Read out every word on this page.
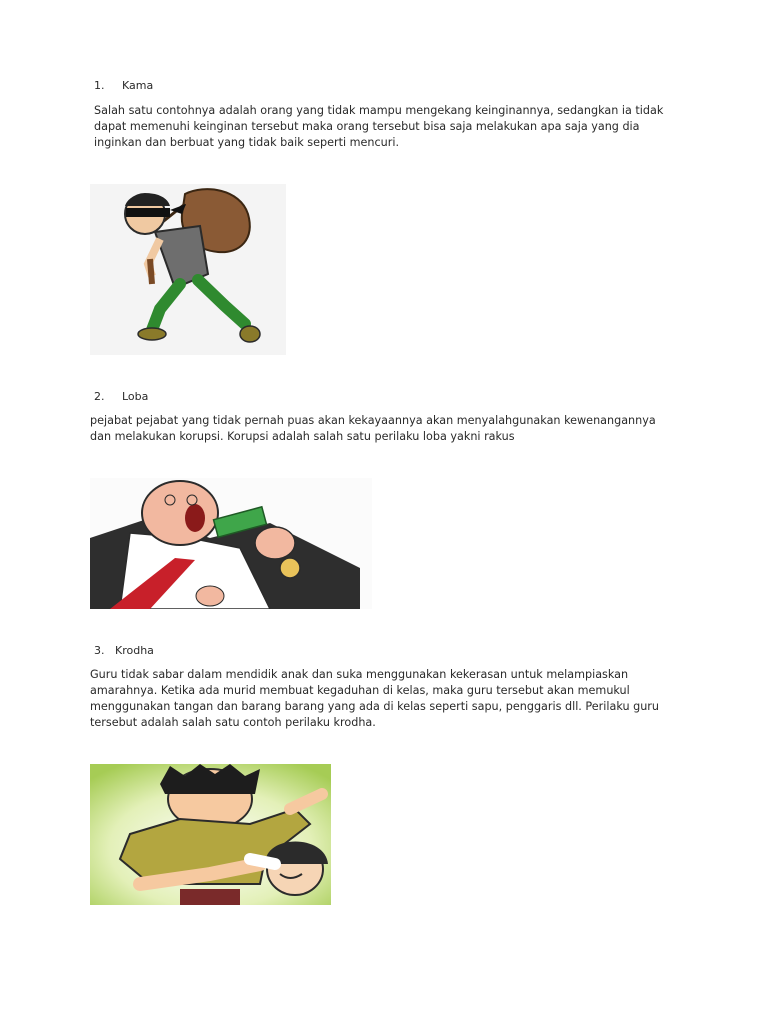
1. Kama
Salah satu contohnya adalah orang yang tidak mampu mengekang keinginannya, sedangkan ia tidak dapat memenuhi keinginan tersebut maka orang tersebut bisa saja melakukan apa saja yang dia inginkan dan berbuat yang tidak baik seperti mencuri.
2. Loba
pejabat pejabat yang tidak pernah puas akan kekayaannya akan menyalahgunakan kewenangannya dan melakukan korupsi. Korupsi adalah salah satu perilaku loba yakni rakus
3. Krodha
Guru tidak sabar dalam mendidik anak dan suka menggunakan kekerasan untuk melampiaskan amarahnya. Ketika ada murid membuat kegaduhan di kelas, maka guru tersebut akan memukul menggunakan tangan dan barang barang yang ada di kelas seperti sapu, penggaris dll. Perilaku guru tersebut adalah salah satu contoh perilaku krodha.
